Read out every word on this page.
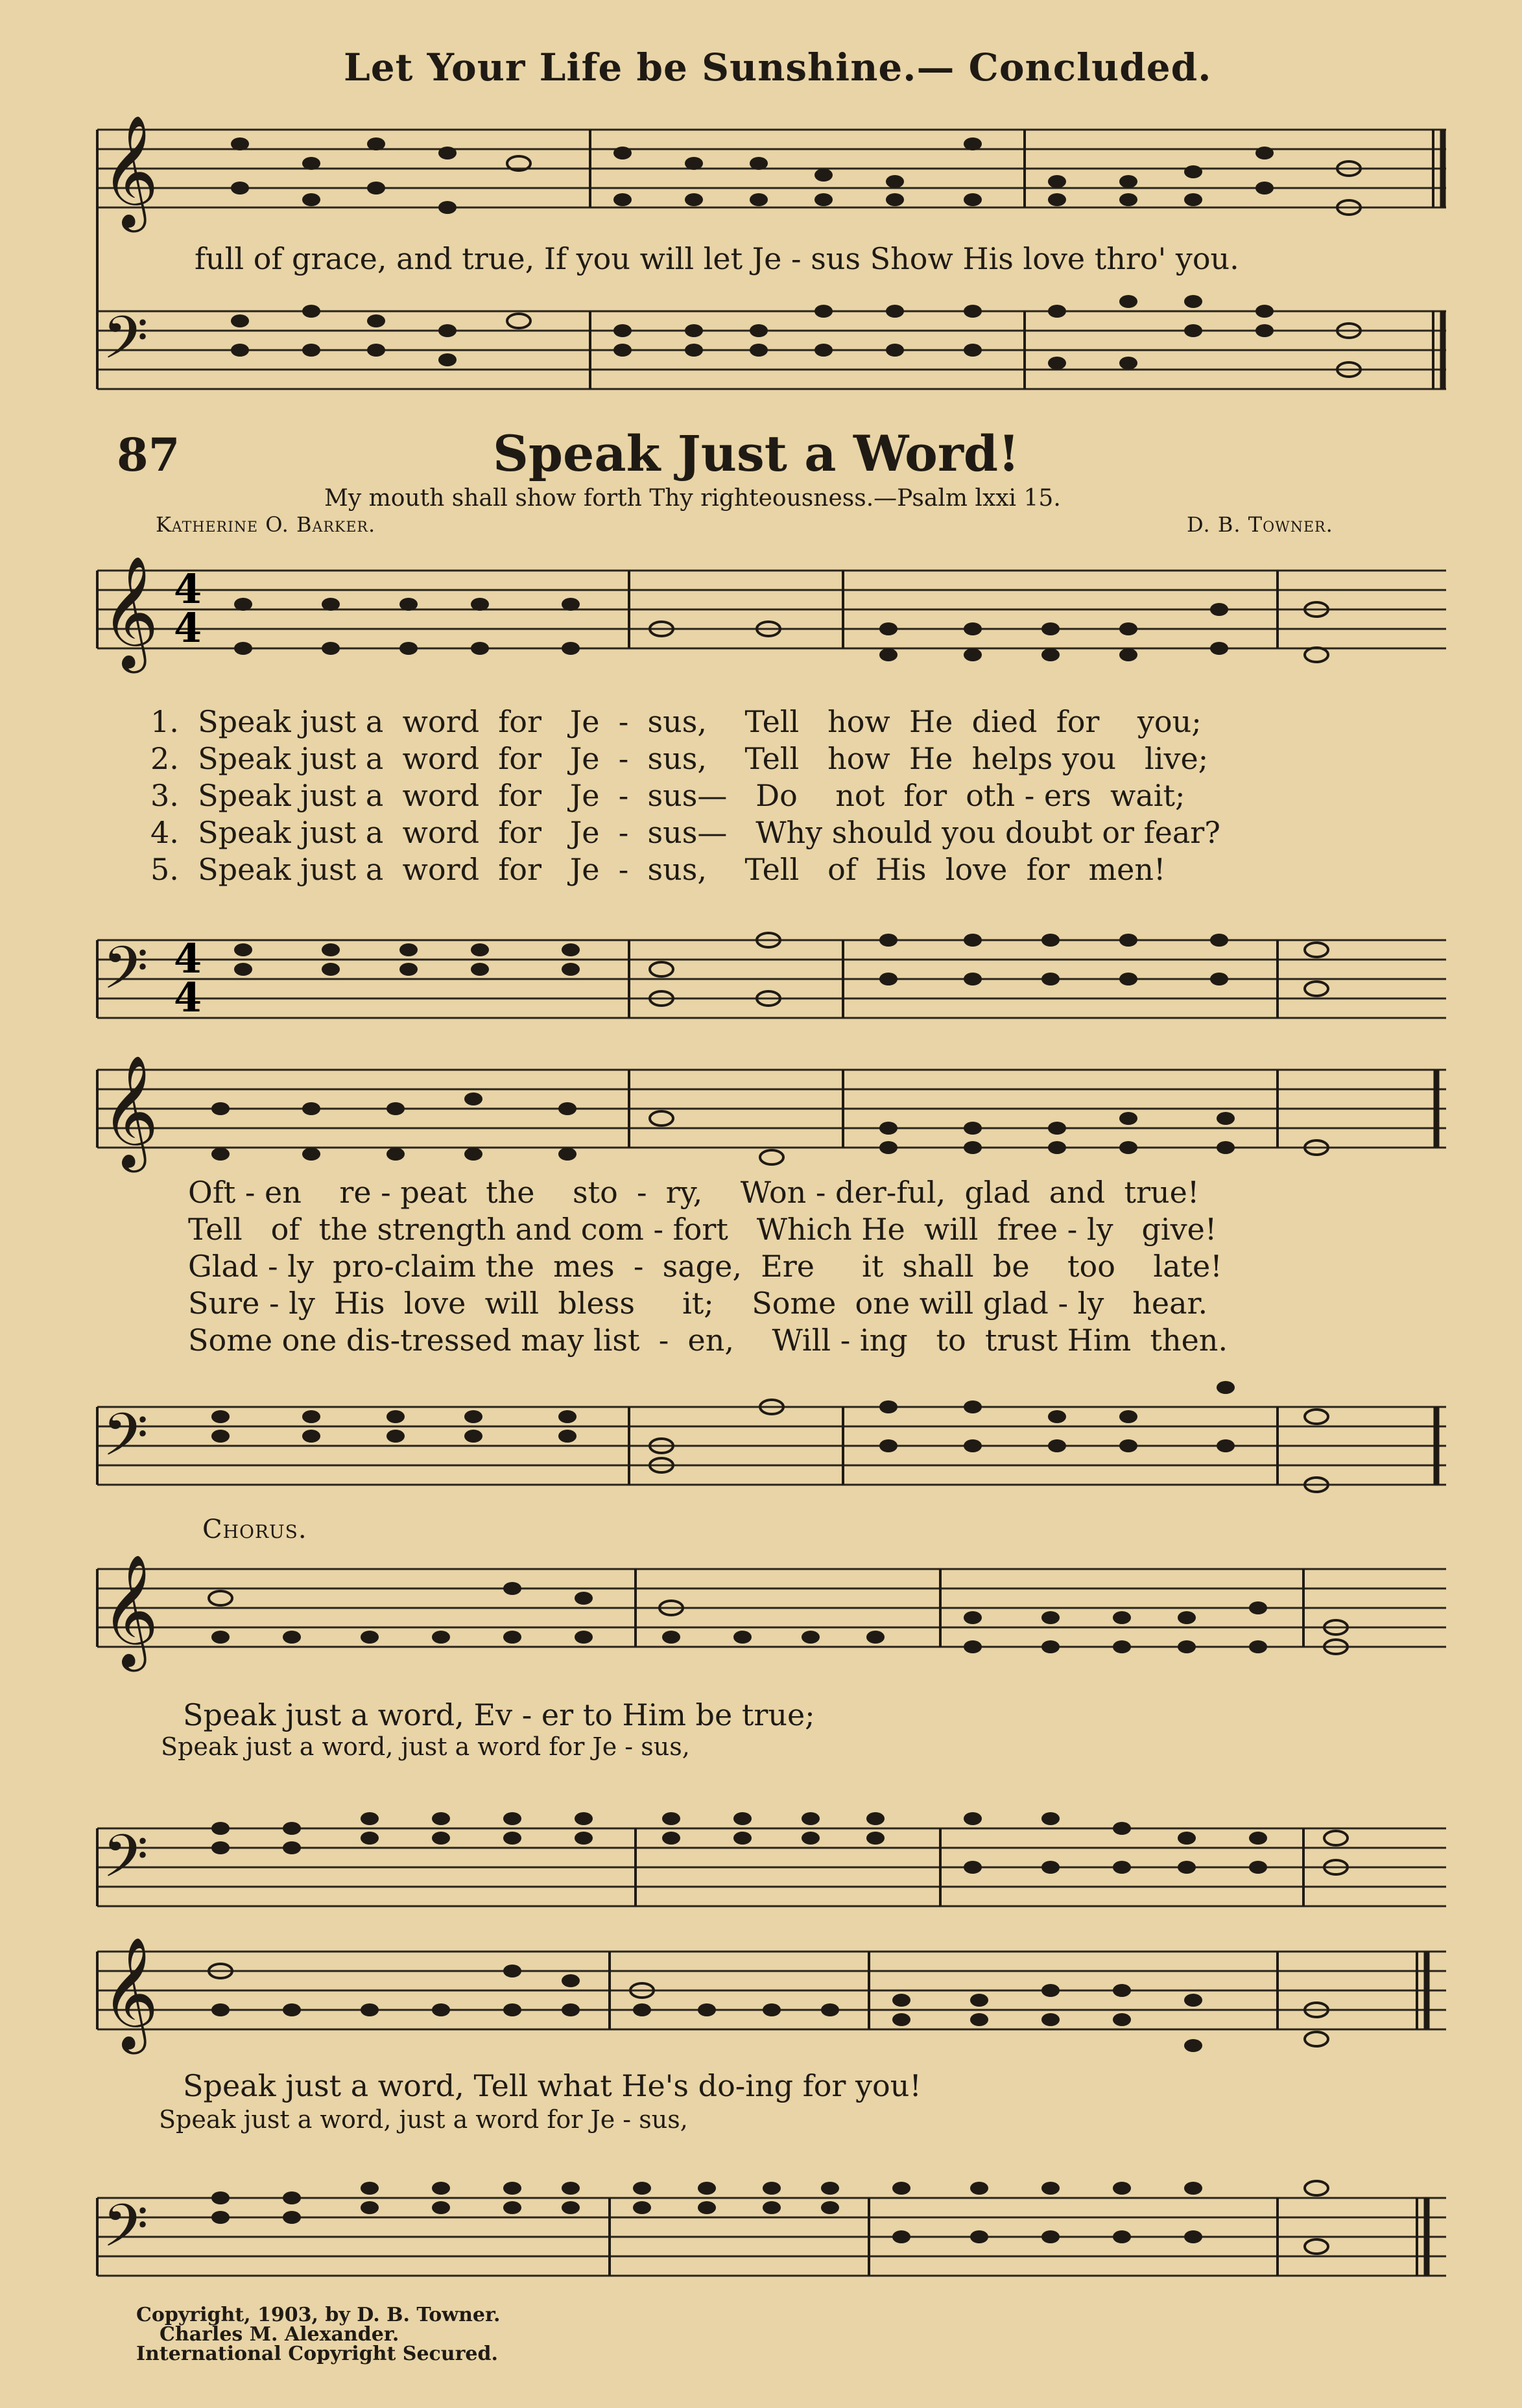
Let Your Life be Sunshine.— Concluded.
𝄞
𝄢
full of grace, and true, If you will let Je - sus Show His love thro' you.
87	Speak Just a Word!
My mouth shall show forth Thy righteousness.—Psalm lxxi 15.
Katherine O. Barker.	D. B. Towner.
𝄞 4
4
1.  Speak just a  word  for   Je  -  sus,    Tell   how  He  died  for    you;
2.  Speak just a  word  for   Je  -  sus,    Tell   how  He  helps you   live;
3.  Speak just a  word  for   Je  -  sus—   Do    not  for  oth - ers  wait;
4.  Speak just a  word  for   Je  -  sus—   Why should you doubt or fear?
5.  Speak just a  word  for   Je  -  sus,    Tell   of  His  love  for  men!
𝄢 4
4
𝄞
Oft - en    re - peat  the    sto  -  ry,    Won - der-ful,  glad  and  true!
Tell   of  the strength and com - fort   Which He  will  free - ly   give!
Glad - ly  pro-claim the  mes  -  sage,  Ere     it  shall  be    too    late!
Sure - ly  His  love  will  bless     it;    Some  one will glad - ly   hear.
Some one dis-tressed may list  -  en,    Will - ing   to  trust Him  then.
𝄢
Chorus.
𝄞
Speak just a word, Ev - er to Him be true;
Speak just a word, just a word for Je - sus,
𝄢
𝄞
Speak just a word, Tell what He's do-ing for you!
Speak just a word, just a word for Je - sus,
𝄢
Copyright, 1903, by D. B. Towner.
Charles M. Alexander.
International Copyright Secured.
